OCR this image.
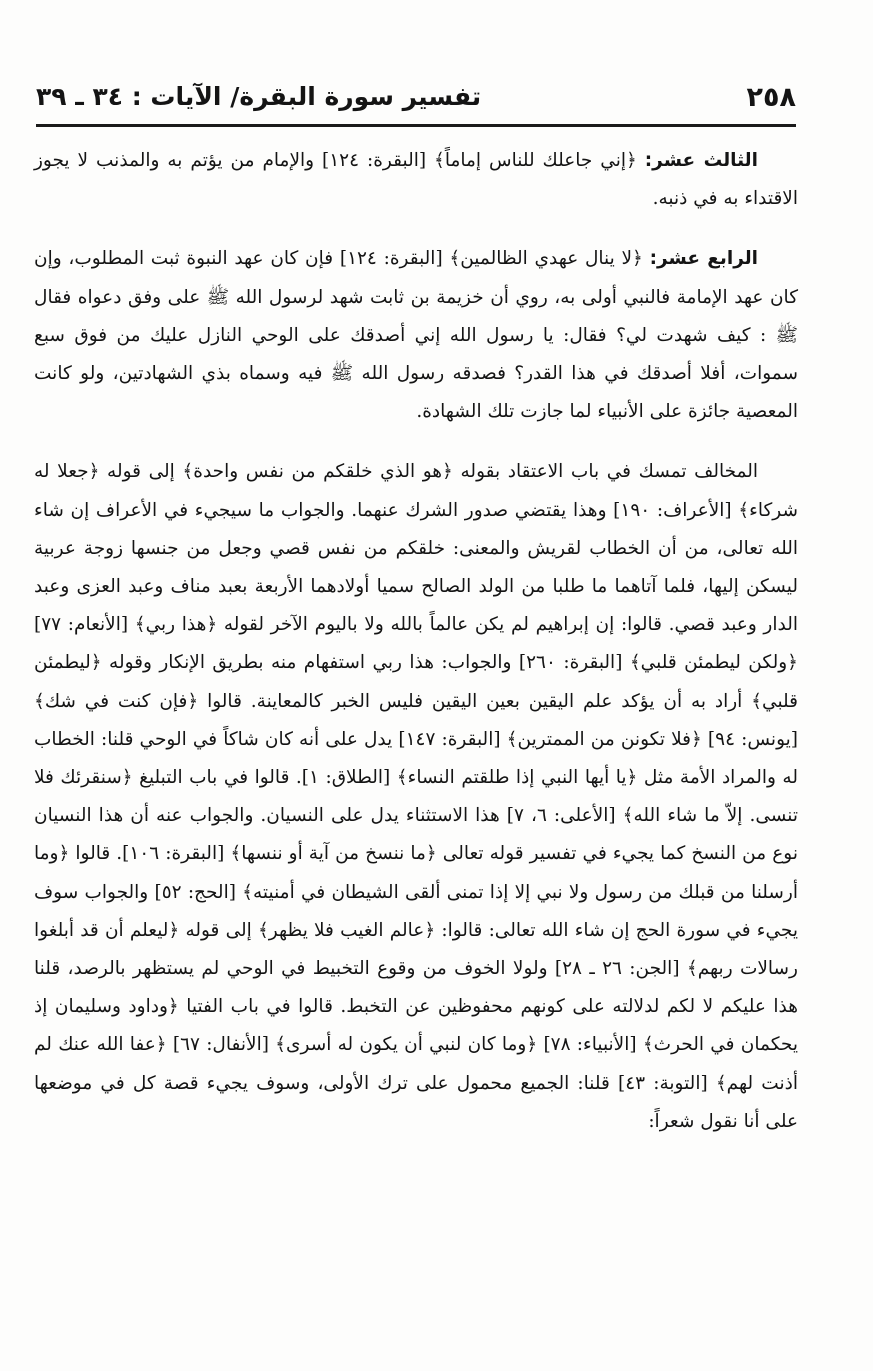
٢٥٨
تفسير سورة البقرة/ الآيات : ٣٤ ـ ٣٩

الثالث عشر: ﴿إني جاعلك للناس إماماً﴾ [البقرة: ١٢٤] والإمام من يؤتم به والمذنب لا يجوز الاقتداء به في ذنبه.

الرابع عشر: ﴿لا ينال عهدي الظالمين﴾ [البقرة: ١٢٤] فإن كان عهد النبوة ثبت المطلوب، وإن كان عهد الإمامة فالنبي أولى به، روي أن خزيمة بن ثابت شهد لرسول الله ﷺ على وفق دعواه فقال ﷺ : كيف شهدت لي؟ فقال: يا رسول الله إني أصدقك على الوحي النازل عليك من فوق سبع سموات، أفلا أصدقك في هذا القدر؟ فصدقه رسول الله ﷺ فيه وسماه بذي الشهادتين، ولو كانت المعصية جائزة على الأنبياء لما جازت تلك الشهادة.

المخالف تمسك في باب الاعتقاد بقوله ﴿هو الذي خلقكم من نفس واحدة﴾ إلى قوله ﴿جعلا له شركاء﴾ [الأعراف: ١٩٠] وهذا يقتضي صدور الشرك عنهما. والجواب ما سيجيء في الأعراف إن شاء الله تعالى، من أن الخطاب لقريش والمعنى: خلقكم من نفس قصي وجعل من جنسها زوجة عربية ليسكن إليها، فلما آتاهما ما طلبا من الولد الصالح سميا أولادهما الأربعة بعبد مناف وعبد العزى وعبد الدار وعبد قصي. قالوا: إن إبراهيم لم يكن عالماً بالله ولا باليوم الآخر لقوله ﴿هذا ربي﴾ [الأنعام: ٧٧] ﴿ولكن ليطمئن قلبي﴾ [البقرة: ٢٦٠] والجواب: هذا ربي استفهام منه بطريق الإنكار وقوله ﴿ليطمئن قلبي﴾ أراد به أن يؤكد علم اليقين بعين اليقين فليس الخبر كالمعاينة. قالوا ﴿فإن كنت في شك﴾ [يونس: ٩٤] ﴿فلا تكونن من الممترين﴾ [البقرة: ١٤٧] يدل على أنه كان شاكاً في الوحي قلنا: الخطاب له والمراد الأمة مثل ﴿يا أيها النبي إذا طلقتم النساء﴾ [الطلاق: ١]. قالوا في باب التبليغ ﴿سنقرئك فلا تنسى. إلاّ ما شاء الله﴾ [الأعلى: ٦، ٧] هذا الاستثناء يدل على النسيان. والجواب عنه أن هذا النسيان نوع من النسخ كما يجيء في تفسير قوله تعالى ﴿ما ننسخ من آية أو ننسها﴾ [البقرة: ١٠٦]. قالوا ﴿وما أرسلنا من قبلك من رسول ولا نبي إلا إذا تمنى ألقى الشيطان في أمنيته﴾ [الحج: ٥٢] والجواب سوف يجيء في سورة الحج إن شاء الله تعالى: قالوا: ﴿عالم الغيب فلا يظهر﴾ إلى قوله ﴿ليعلم أن قد أبلغوا رسالات ربهم﴾ [الجن: ٢٦ ـ ٢٨] ولولا الخوف من وقوع التخبيط في الوحي لم يستظهر بالرصد، قلنا هذا عليكم لا لكم لدلالته على كونهم محفوظين عن التخبط. قالوا في باب الفتيا ﴿وداود وسليمان إذ يحكمان في الحرث﴾ [الأنبياء: ٧٨] ﴿وما كان لنبي أن يكون له أسرى﴾ [الأنفال: ٦٧] ﴿عفا الله عنك لم أذنت لهم﴾ [التوبة: ٤٣] قلنا: الجميع محمول على ترك الأولى، وسوف يجيء قصة كل في موضعها على أنا نقول شعراً:
